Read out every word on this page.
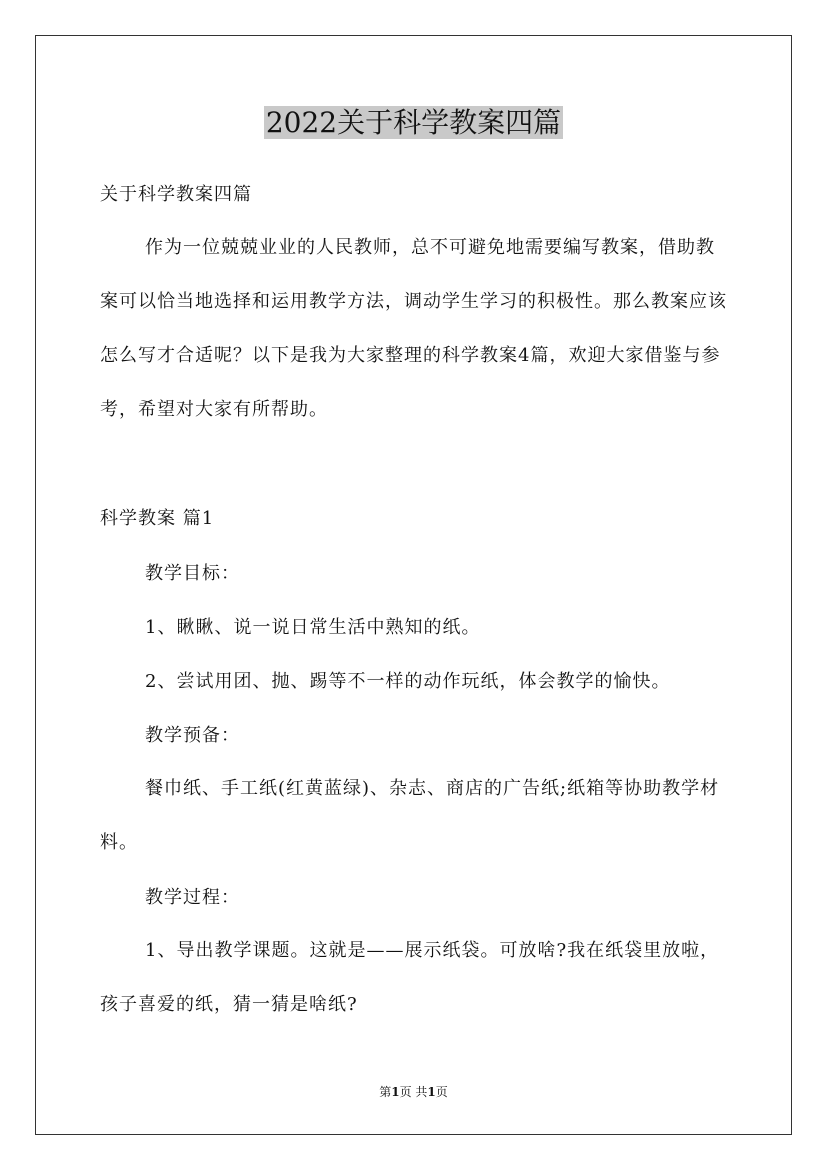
2022关于科学教案四篇
关于科学教案四篇
作为一位兢兢业业的人民教师，总不可避免地需要编写教案，借助教案可以恰当地选择和运用教学方法，调动学生学习的积极性。那么教案应该怎么写才合适呢？以下是我为大家整理的科学教案4篇，欢迎大家借鉴与参考，希望对大家有所帮助。
科学教案 篇1
教学目标：
1、瞅瞅、说一说日常生活中熟知的纸。
2、尝试用团、抛、踢等不一样的动作玩纸，体会教学的愉快。
教学预备：
餐巾纸、手工纸(红黄蓝绿)、杂志、商店的广告纸;纸箱等协助教学材料。
教学过程：
1、导出教学课题。这就是——展示纸袋。可放啥?我在纸袋里放啦，孩子喜爱的纸，猜一猜是啥纸?
第1页 共1页
